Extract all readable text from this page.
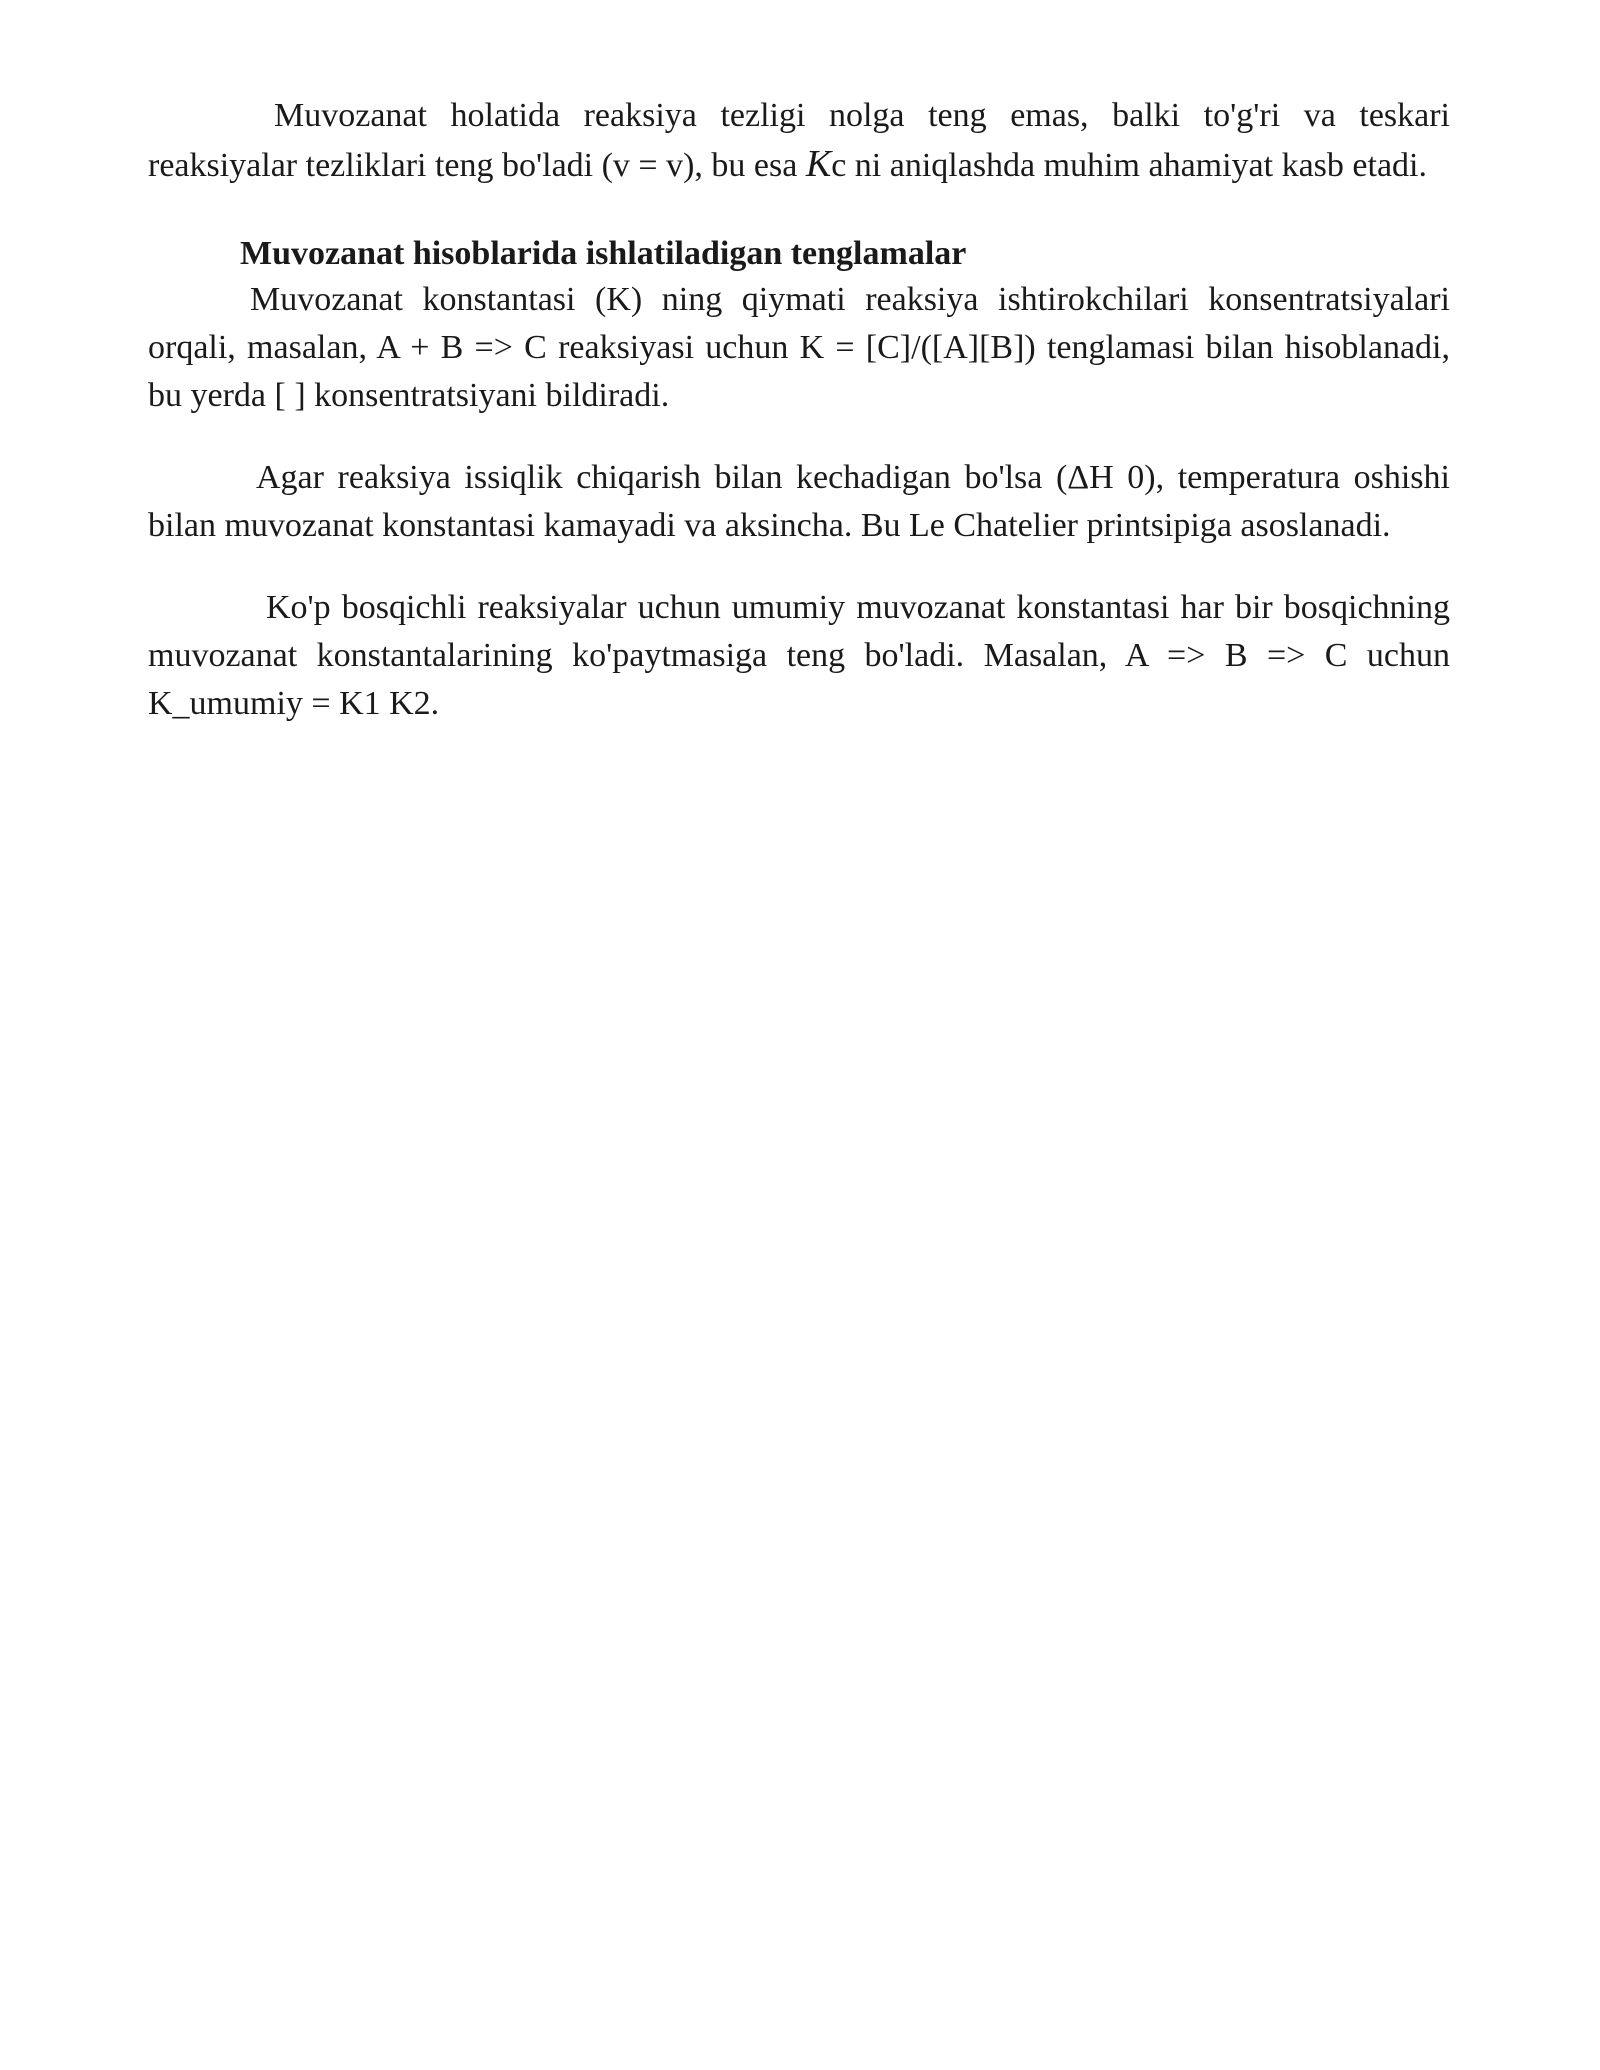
Muvozanat holatida reaksiya tezligi nolga teng emas, balki to'g'ri va teskari reaksiyalar tezliklari teng bo'ladi (v = v), bu esa Kc ni aniqlashda muhim ahamiyat kasb etadi.

Muvozanat hisoblarida ishlatiladigan tenglamalar

Muvozanat konstantasi (K) ning qiymati reaksiya ishtirokchilari konsentratsiyalari orqali, masalan, A + B => C reaksiyasi uchun K = [C]/([A][B]) tenglamasi bilan hisoblanadi, bu yerda [ ] konsentratsiyani bildiradi.

Agar reaksiya issiqlik chiqarish bilan kechadigan bo'lsa (ΔH 0), temperatura oshishi bilan muvozanat konstantasi kamayadi va aksincha. Bu Le Chatelier printsipiga asoslanadi.

Ko'p bosqichli reaksiyalar uchun umumiy muvozanat konstantasi har bir bosqichning muvozanat konstantalarining ko'paytmasiga teng bo'ladi. Masalan, A => B => C uchun K_umumiy = K1 K2.
